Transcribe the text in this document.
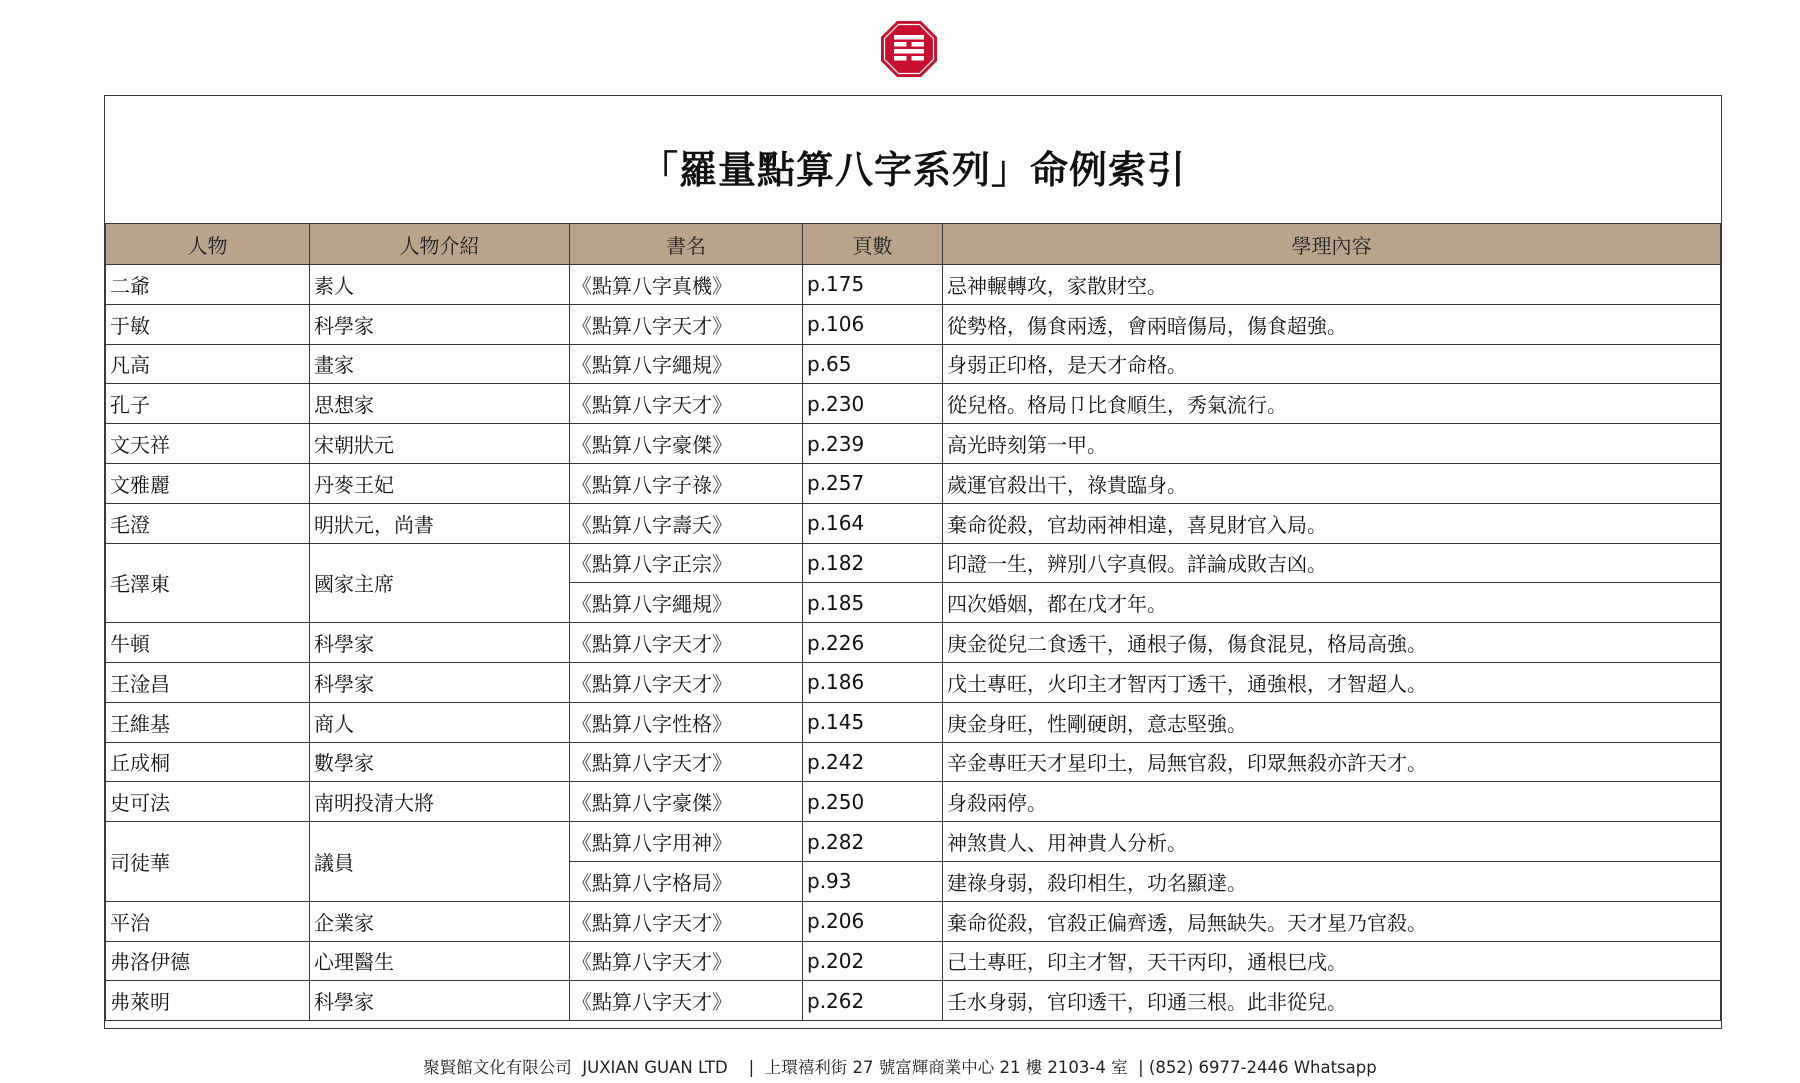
「羅量點算八字系列」命例索引
人物	人物介紹	書名	頁數	學理內容
二爺	素人	《點算八字真機》	p.175	忌神輾轉攻，家散財空。
于敏	科學家	《點算八字天才》	p.106	從勢格，傷食兩透，會兩暗傷局，傷食超強。
凡高	畫家	《點算八字繩規》	p.65	身弱正印格，是天才命格。
孔子	思想家	《點算八字天才》	p.230	從兒格。格局卩比食順生，秀氣流行。
文天祥	宋朝狀元	《點算八字豪傑》	p.239	高光時刻第一甲。
文雅麗	丹麥王妃	《點算八字子祿》	p.257	歲運官殺出干，祿貴臨身。
毛澄	明狀元，尚書	《點算八字壽夭》	p.164	棄命從殺，官劫兩神相違，喜見財官入局。
毛澤東	國家主席	《點算八字正宗》	p.182	印證一生，辨別八字真假。詳論成敗吉凶。
		《點算八字繩規》	p.185	四次婚姻，都在戊才年。
牛頓	科學家	《點算八字天才》	p.226	庚金從兒二食透干，通根子傷，傷食混見，格局高強。
王淦昌	科學家	《點算八字天才》	p.186	戊土專旺，火印主才智丙丁透干，通強根，才智超人。
王維基	商人	《點算八字性格》	p.145	庚金身旺，性剛硬朗，意志堅強。
丘成桐	數學家	《點算八字天才》	p.242	辛金專旺天才星印土，局無官殺，印眾無殺亦許天才。
史可法	南明投清大將	《點算八字豪傑》	p.250	身殺兩停。
司徒華	議員	《點算八字用神》	p.282	神煞貴人、用神貴人分析。
		《點算八字格局》	p.93	建祿身弱，殺印相生，功名顯達。
平治	企業家	《點算八字天才》	p.206	棄命從殺，官殺正偏齊透，局無缺失。天才星乃官殺。
弗洛伊德	心理醫生	《點算八字天才》	p.202	己土專旺，印主才智，天干丙印，通根巳戌。
弗萊明	科學家	《點算八字天才》	p.262	壬水身弱，官印透干，印通三根。此非從兒。
聚賢館文化有限公司  JUXIAN GUAN LTD    |  上環禧利街 27 號富輝商業中心 21 樓 2103-4 室  | (852) 6977-2446 Whatsapp
